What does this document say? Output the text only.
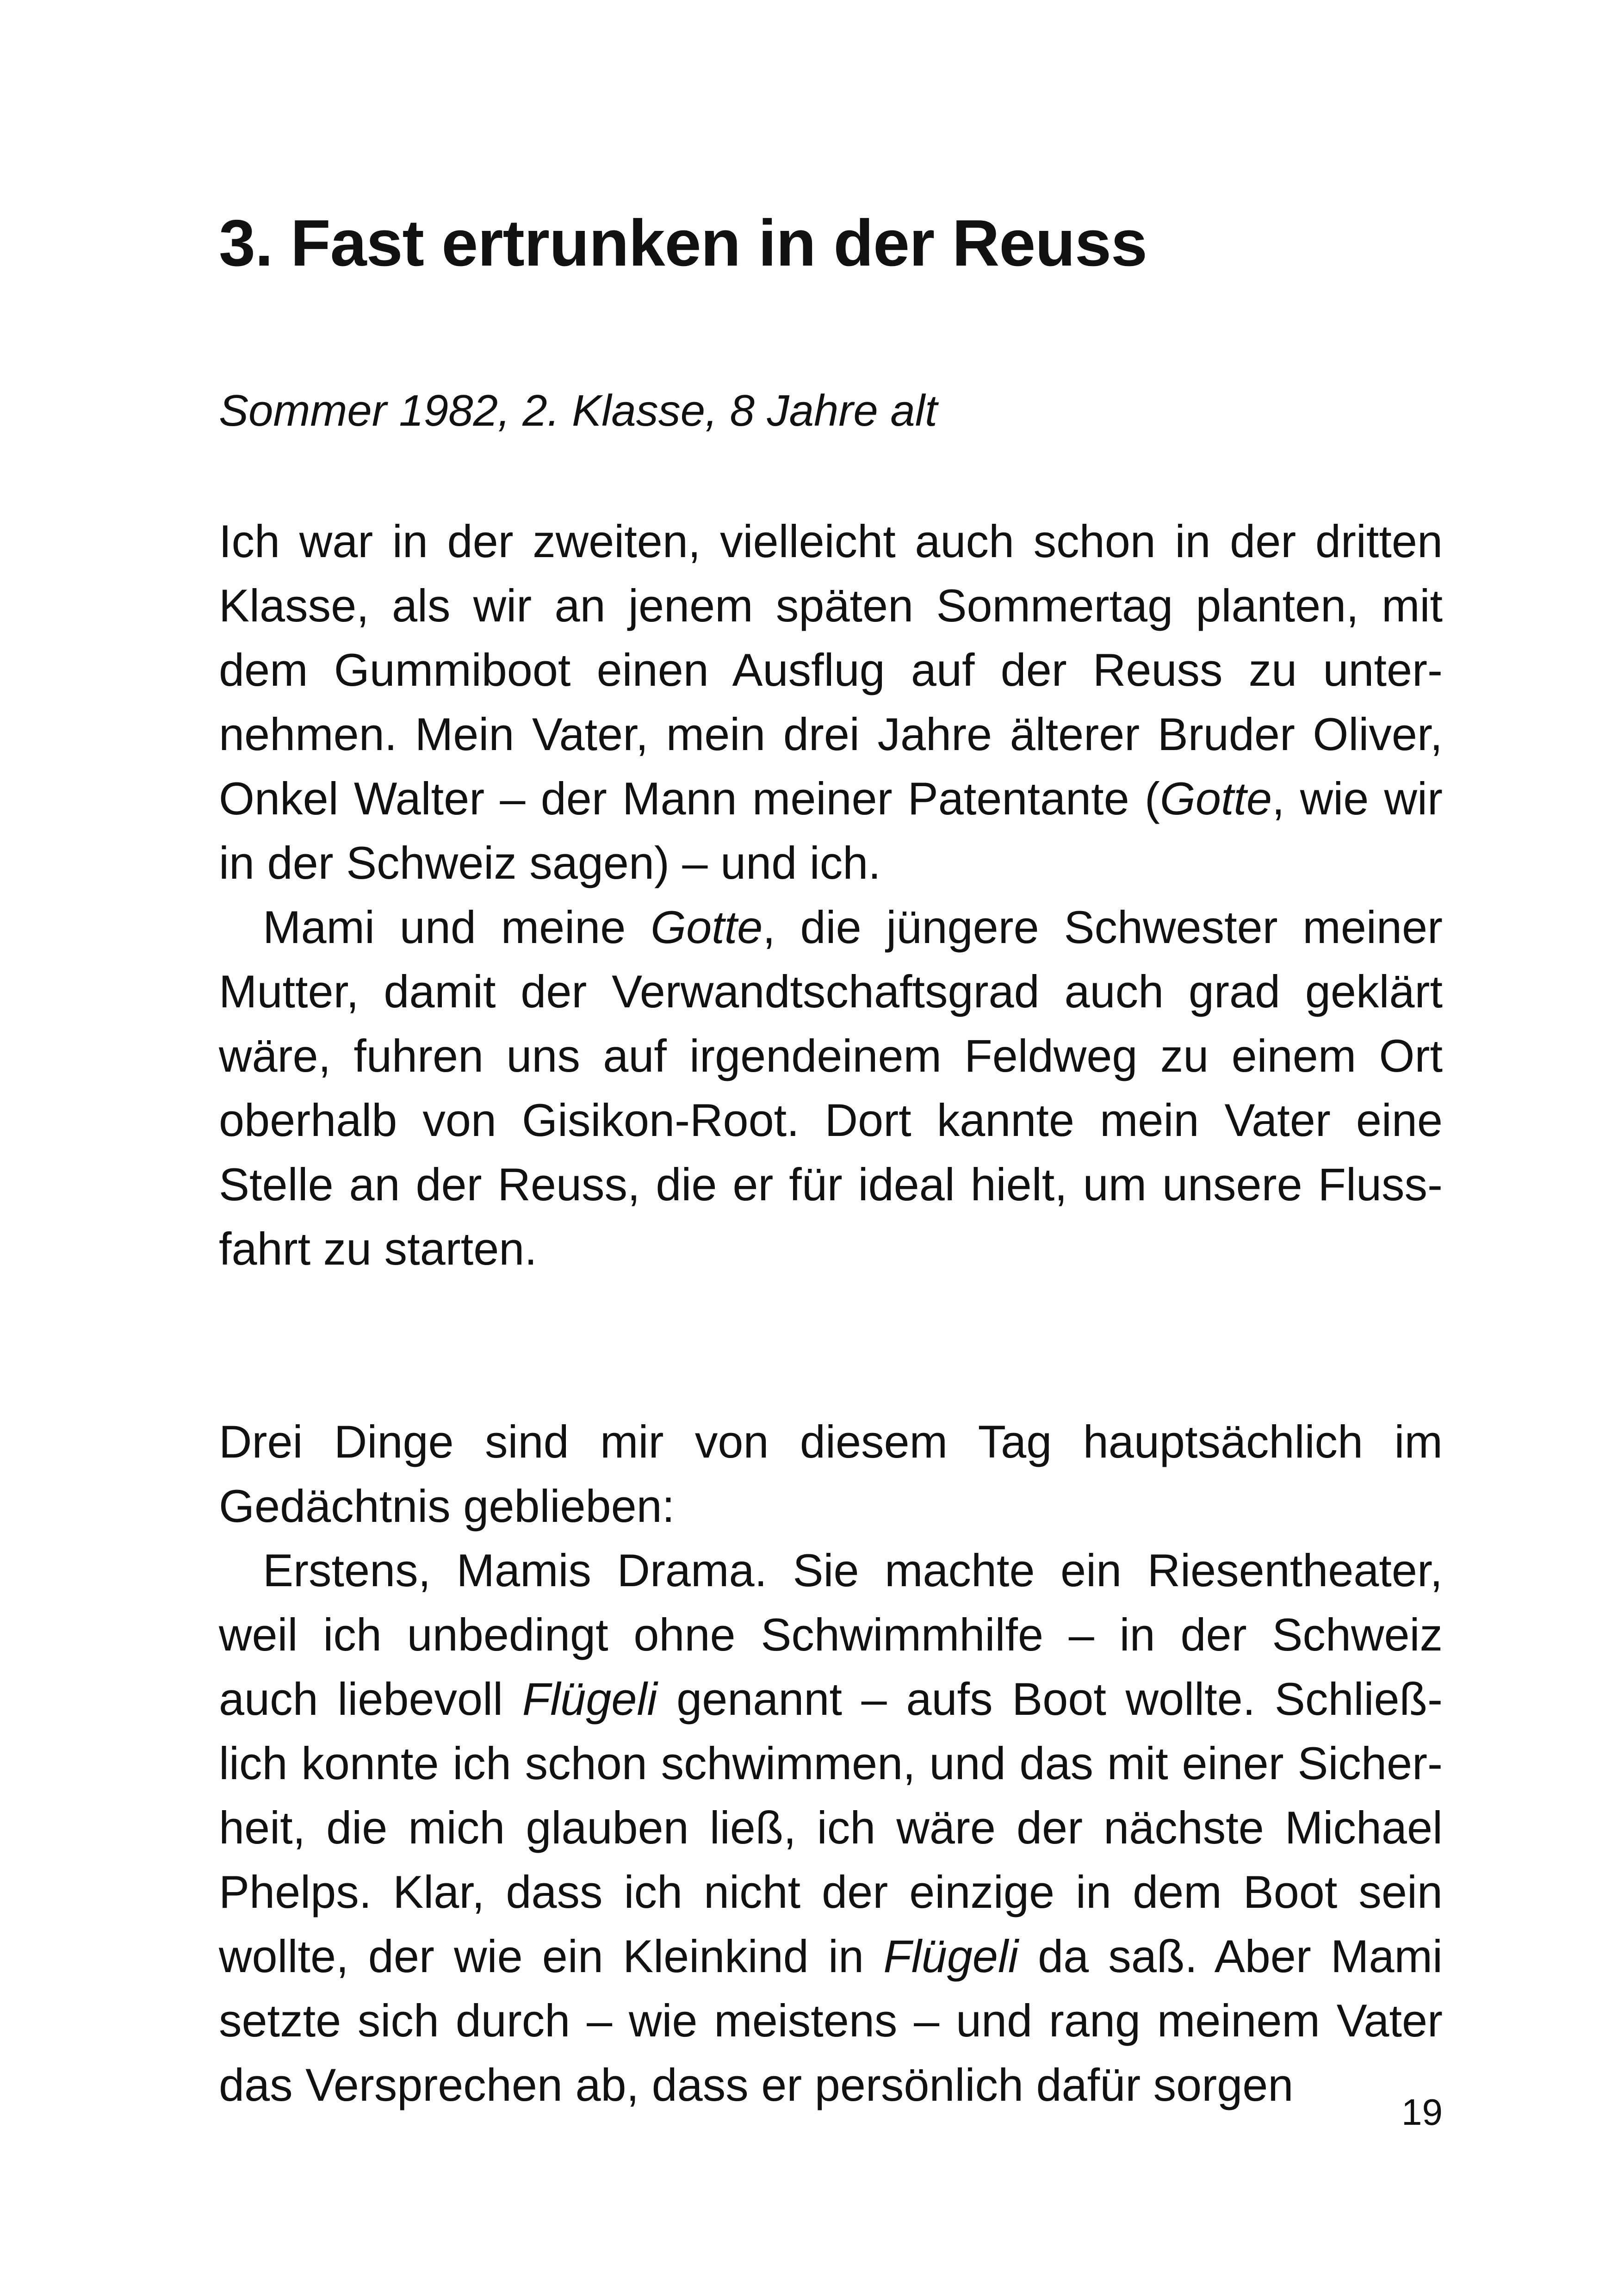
3. Fast ertrunken in der Reuss

Sommer 1982, 2. Klasse, 8 Jahre alt

Ich war in der zweiten, vielleicht auch schon in der dritten Klasse, als wir an jenem späten Sommertag planten, mit dem Gummiboot einen Ausflug auf der Reuss zu unternehmen. Mein Vater, mein drei Jahre älterer Bruder Oliver, Onkel Walter – der Mann meiner Patentante (Gotte, wie wir in der Schweiz sagen) – und ich.

Mami und meine Gotte, die jüngere Schwester meiner Mutter, damit der Verwandtschaftsgrad auch grad geklärt wäre, fuhren uns auf irgendeinem Feldweg zu einem Ort oberhalb von Gisikon-Root. Dort kannte mein Vater eine Stelle an der Reuss, die er für ideal hielt, um unsere Flussfahrt zu starten.

Drei Dinge sind mir von diesem Tag hauptsächlich im Gedächtnis geblieben:

Erstens, Mamis Drama. Sie machte ein Riesentheater, weil ich unbedingt ohne Schwimmhilfe – in der Schweiz auch liebevoll Flügeli genannt – aufs Boot wollte. Schließlich konnte ich schon schwimmen, und das mit einer Sicherheit, die mich glauben ließ, ich wäre der nächste Michael Phelps. Klar, dass ich nicht der einzige in dem Boot sein wollte, der wie ein Kleinkind in Flügeli da saß. Aber Mami setzte sich durch – wie meistens – und rang meinem Vater das Versprechen ab, dass er persönlich dafür sorgen

19
